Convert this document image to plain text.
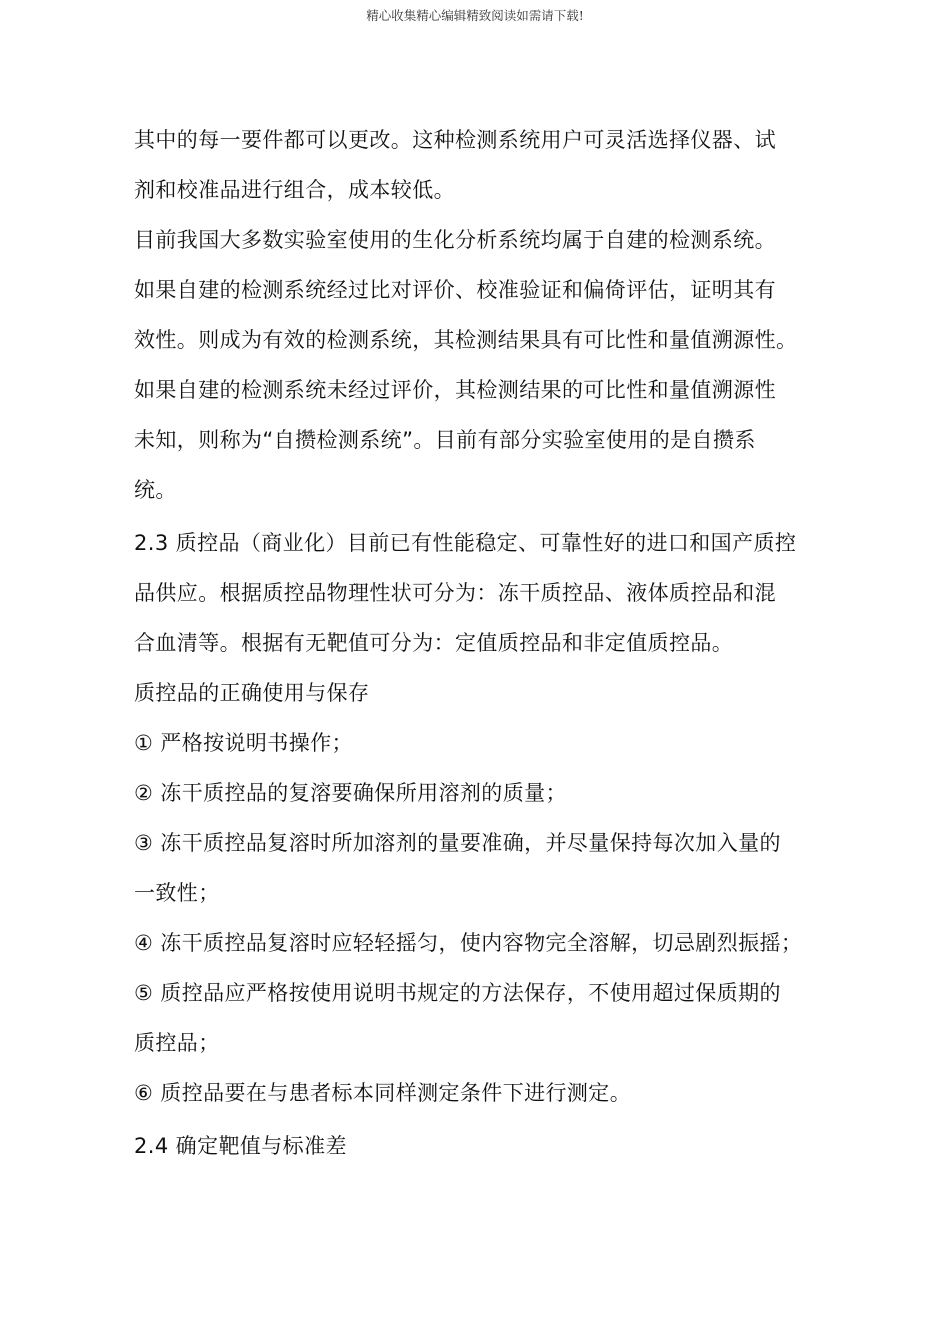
精心收集精心编辑精致阅读如需请下载!
其中的每一要件都可以更改。这种检测系统用户可灵活选择仪器、试
剂和校准品进行组合，成本较低。
目前我国大多数实验室使用的生化分析系统均属于自建的检测系统。
如果自建的检测系统经过比对评价、校准验证和偏倚评估，证明其有
效性。则成为有效的检测系统，其检测结果具有可比性和量值溯源性。
如果自建的检测系统未经过评价，其检测结果的可比性和量值溯源性
未知，则称为“自攒检测系统”。目前有部分实验室使用的是自攒系
统。
2.3 质控品（商业化）目前已有性能稳定、可靠性好的进口和国产质控
品供应。根据质控品物理性状可分为：冻干质控品、液体质控品和混
合血清等。根据有无靶值可分为：定值质控品和非定值质控品。
质控品的正确使用与保存
① 严格按说明书操作；
② 冻干质控品的复溶要确保所用溶剂的质量；
③ 冻干质控品复溶时所加溶剂的量要准确，并尽量保持每次加入量的
一致性；
④ 冻干质控品复溶时应轻轻摇匀，使内容物完全溶解，切忌剧烈振摇；
⑤ 质控品应严格按使用说明书规定的方法保存，不使用超过保质期的
质控品；
⑥ 质控品要在与患者标本同样测定条件下进行测定。
2.4 确定靶值与标准差
